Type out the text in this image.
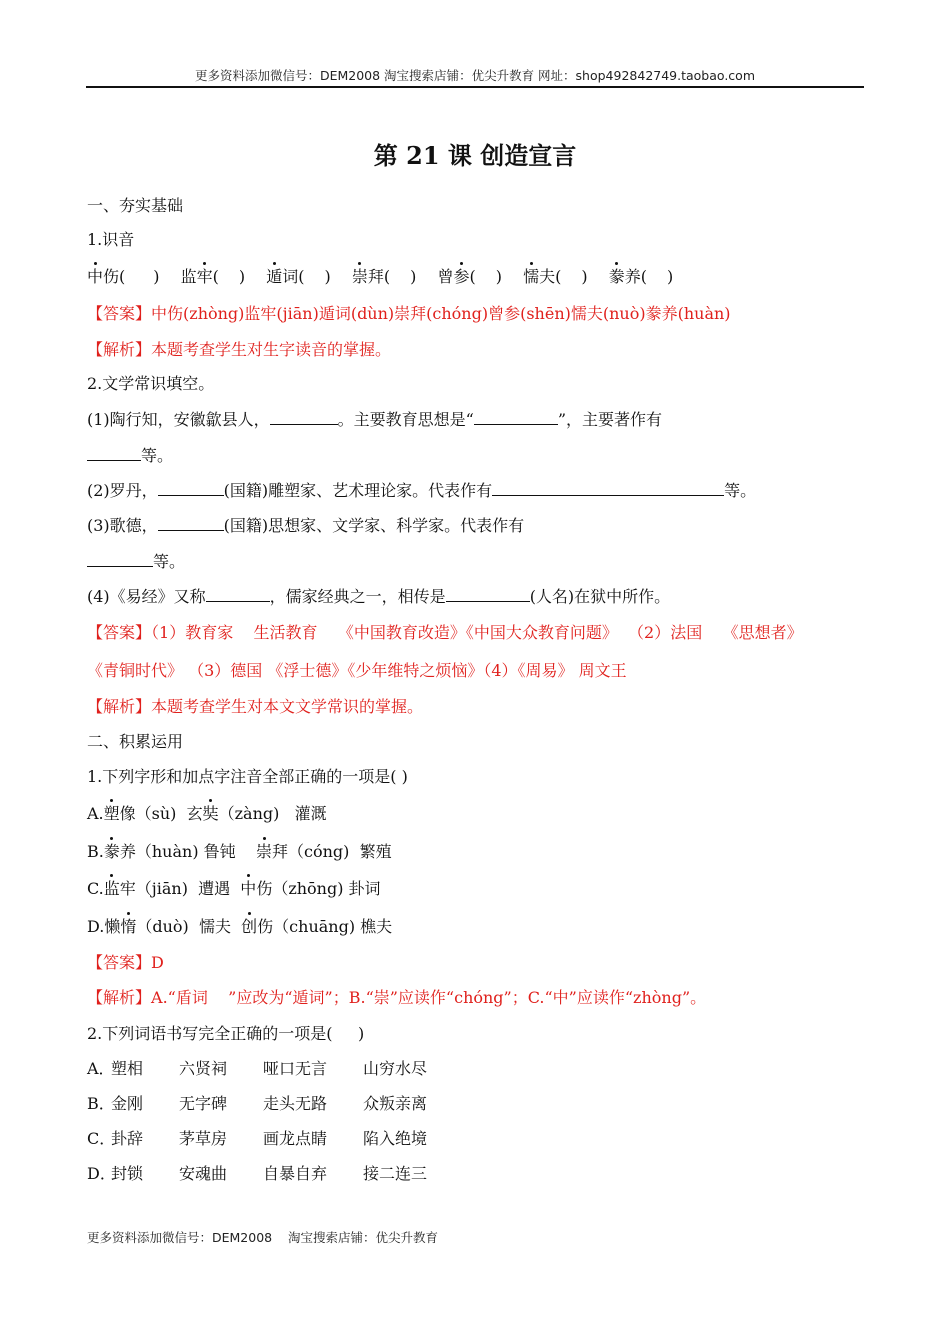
更多资料添加微信号：DEM2008 淘宝搜索店铺：优尖升教育 网址：shop492842749.taobao.com
第 21 课 创造宣言
一、夯实基础
1.识音
中伤( ) 监牢( ) 遁词( ) 崇拜( ) 曾参( ) 懦夫( ) 豢养( )
【答案】中伤(zhòng)监牢(jiān)遁词(dùn)崇拜(chóng)曾参(shēn)懦夫(nuò)豢养(huàn)
【解析】本题考查学生对生字读音的掌握。
2.文学常识填空。
(1)陶行知，安徽歙县人，	。主要教育思想是“	”，主要著作有
等。
(2)罗丹，	(国籍)雕塑家、艺术理论家。代表作有	等。
(3)歌德，	(国籍)思想家、文学家、科学家。代表作有
等。
(4)《易经》又称	，儒家经典之一，相传是	(人名)在狱中所作。
【答案】（1）教育家    生活教育    《中国教育改造》《中国大众教育问题》  （2）法国    《思想者》
《青铜时代》 （3）德国 《浮士德》《少年维特之烦恼》（4）《周易》 周文王
【解析】本题考查学生对本文文学常识的掌握。
二、积累运用
1.下列字形和加点字注音全部正确的一项是( )
A.塑像（sù)  玄奘（zàng)   灌溉
B.豢养（huàn) 鲁钝    崇拜（cóng)  繁殖
C.监牢（jiān)  遭遇  中伤（zhōng) 卦词
D.懒惰（duò)  懦夫  创伤（chuāng) 樵夫
【答案】D
【解析】A.“盾词    ”应改为“遁词”；B.“崇”应读作“chóng”；C.“中”应读作“zhòng”。
2.下列词语书写完全正确的一项是(     )
A．塑相 六贤祠 哑口无言 山穷水尽
B．金刚 无字碑 走头无路 众叛亲离
C．卦辞 茅草房 画龙点睛 陷入绝境
D．封锁 安魂曲 自暴自弃 接二连三
更多资料添加微信号：DEM2008    淘宝搜索店铺：优尖升教育
